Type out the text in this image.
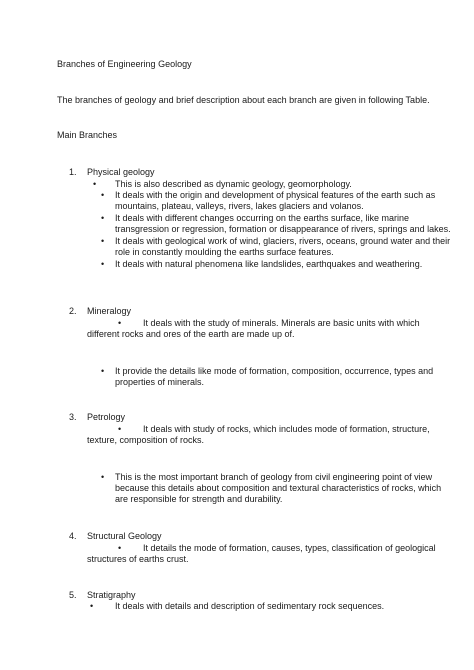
Branches of Engineering Geology
The branches of geology and brief description about each branch are given in following Table.
Main Branches
1. Physical geology
• This is also described as dynamic geology, geomorphology.
• It deals with the origin and development of physical features of the earth such as
mountains, plateau, valleys, rivers, lakes glaciers and volanos.
• It deals with different changes occurring on the earths surface, like marine
transgression or regression, formation or disappearance of rivers, springs and lakes.
• It deals with geological work of wind, glaciers, rivers, oceans, ground water and their
role in constantly moulding the earths surface features.
• It deals with natural phenomena like landslides, earthquakes and weathering.
2. Mineralogy
• It deals with the study of minerals. Minerals are basic units with which
different rocks and ores of the earth are made up of.
• It provide the details like mode of formation, composition, occurrence, types and
properties of minerals.
3. Petrology
• It deals with study of rocks, which includes mode of formation, structure,
texture, composition of rocks.
• This is the most important branch of geology from civil engineering point of view
because this details about composition and textural characteristics of rocks, which
are responsible for strength and durability.
4. Structural Geology
• It details the mode of formation, causes, types, classification of geological
structures of earths crust.
5. Stratigraphy
• It deals with details and description of sedimentary rock sequences.
